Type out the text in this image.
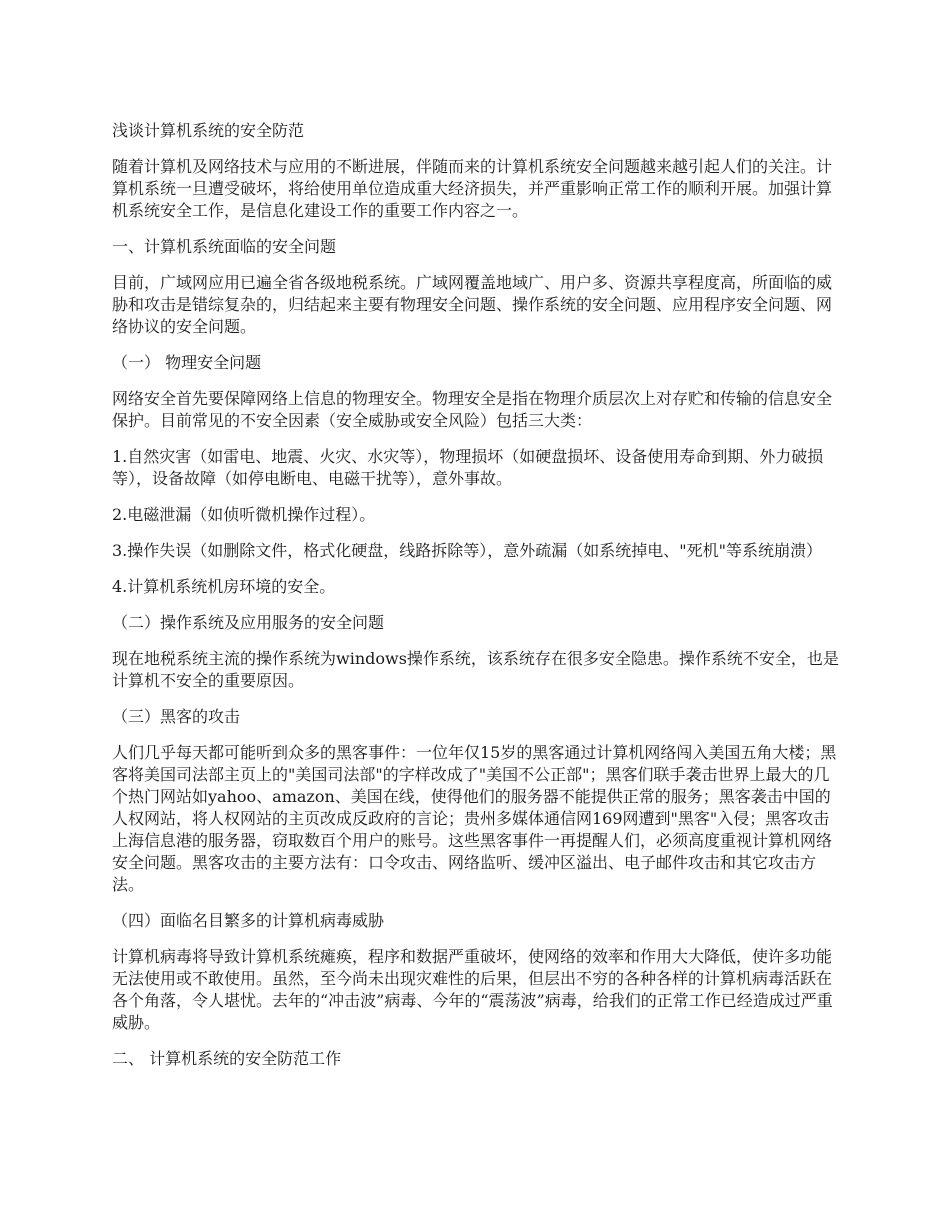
浅谈计算机系统的安全防范

随着计算机及网络技术与应用的不断进展，伴随而来的计算机系统安全问题越来越引起人们的关注。计算机系统一旦遭受破坏，将给使用单位造成重大经济损失，并严重影响正常工作的顺利开展。加强计算机系统安全工作，是信息化建设工作的重要工作内容之一。

一、计算机系统面临的安全问题

目前，广域网应用已遍全省各级地税系统。广域网覆盖地域广、用户多、资源共享程度高，所面临的威胁和攻击是错综复杂的，归结起来主要有物理安全问题、操作系统的安全问题、应用程序安全问题、网络协议的安全问题。

（一） 物理安全问题

网络安全首先要保障网络上信息的物理安全。物理安全是指在物理介质层次上对存贮和传输的信息安全保护。目前常见的不安全因素（安全威胁或安全风险）包括三大类：

1.自然灾害（如雷电、地震、火灾、水灾等），物理损坏（如硬盘损坏、设备使用寿命到期、外力破损等），设备故障（如停电断电、电磁干扰等），意外事故。

2.电磁泄漏（如侦听微机操作过程）。

3.操作失误（如删除文件，格式化硬盘，线路拆除等），意外疏漏（如系统掉电、"死机"等系统崩溃）

4.计算机系统机房环境的安全。

（二）操作系统及应用服务的安全问题

现在地税系统主流的操作系统为windows操作系统，该系统存在很多安全隐患。操作系统不安全，也是计算机不安全的重要原因。

（三）黑客的攻击

人们几乎每天都可能听到众多的黑客事件：一位年仅15岁的黑客通过计算机网络闯入美国五角大楼；黑客将美国司法部主页上的"美国司法部"的字样改成了"美国不公正部"；黑客们联手袭击世界上最大的几个热门网站如yahoo、amazon、美国在线，使得他们的服务器不能提供正常的服务；黑客袭击中国的人权网站，将人权网站的主页改成反政府的言论；贵州多媒体通信网169网遭到"黑客"入侵；黑客攻击上海信息港的服务器，窃取数百个用户的账号。这些黑客事件一再提醒人们，必须高度重视计算机网络安全问题。黑客攻击的主要方法有：口令攻击、网络监听、缓冲区溢出、电子邮件攻击和其它攻击方法。

（四）面临名目繁多的计算机病毒威胁

计算机病毒将导致计算机系统瘫痪，程序和数据严重破坏，使网络的效率和作用大大降低，使许多功能无法使用或不敢使用。虽然，至今尚未出现灾难性的后果，但层出不穷的各种各样的计算机病毒活跃在各个角落，令人堪忧。去年的“冲击波”病毒、今年的“震荡波”病毒，给我们的正常工作已经造成过严重威胁。

二、 计算机系统的安全防范工作
